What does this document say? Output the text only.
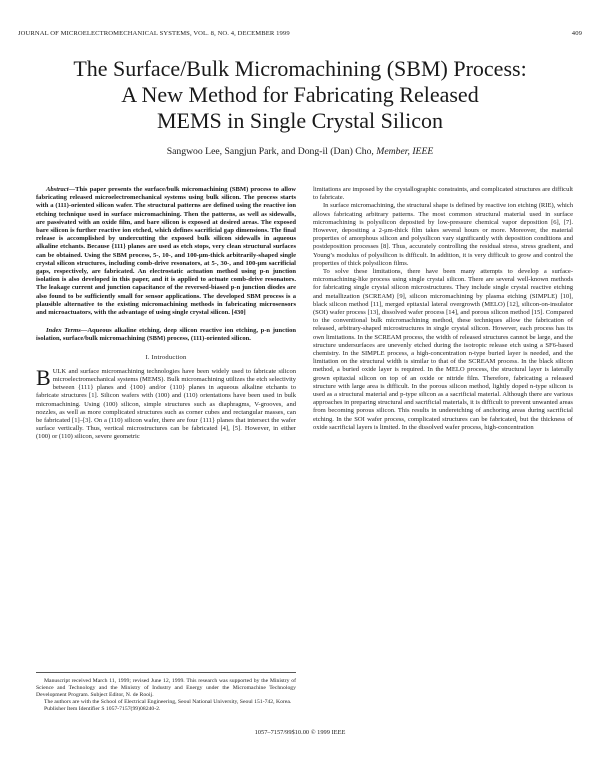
JOURNAL OF MICROELECTROMECHANICAL SYSTEMS, VOL. 8, NO. 4, DECEMBER 1999	409
The Surface/Bulk Micromachining (SBM) Process:
A New Method for Fabricating Released
MEMS in Single Crystal Silicon
Sangwoo Lee, Sangjun Park, and Dong-il (Dan) Cho, Member, IEEE

Abstract—This paper presents the surface/bulk micromachining (SBM) process to allow fabricating released microelectromechanical systems using bulk silicon. The process starts with a (111)-oriented silicon wafer. The structural patterns are defined using the reactive ion etching technique used in surface micromachining. Then the patterns, as well as sidewalls, are passivated with an oxide film, and bare silicon is exposed at desired areas. The exposed bare silicon is further reactive ion etched, which defines sacrificial gap dimensions. The final release is accomplished by undercutting the exposed bulk silicon sidewalls in aqueous alkaline etchants. Because {111} planes are used as etch stops, very clean structural surfaces can be obtained. Using the SBM process, 5-, 10-, and 100-μm-thick arbitrarily-shaped single crystal silicon structures, including comb-drive resonators, at 5-, 30-, and 100-μm sacrificial gaps, respectively, are fabricated. An electrostatic actuation method using p-n junction isolation is also developed in this paper, and it is applied to actuate comb-drive resonators. The leakage current and junction capacitance of the reversed-biased p-n junction diodes are also found to be sufficiently small for sensor applications. The developed SBM process is a plausible alternative to the existing micromachining methods in fabricating microsensors and microactuators, with the advantage of using single crystal silicon. [430]

Index Terms—Aqueous alkaline etching, deep silicon reactive ion etching, p-n junction isolation, surface/bulk micromachining (SBM) process, (111)-oriented silicon.

I. Introduction

BULK and surface micromachining technologies have been widely used to fabricate silicon microelectromechanical systems (MEMS). Bulk micromachining utilizes the etch selectivity between {111} planes and {100} and/or {110} planes in aqueous alkaline etchants to fabricate structures [1]. Silicon wafers with (100) and (110) orientations have been used in bulk micromachining. Using (100) silicon, simple structures such as diaphragms, V-grooves, and nozzles, as well as more complicated structures such as corner cubes and rectangular masses, can be fabricated [1]–[3]. On a (110) silicon wafer, there are four {111} planes that intersect the wafer surface vertically. Thus, vertical microstructures can be fabricated [4], [5]. However, in either (100) or (110) silicon, severe geometric

limitations are imposed by the crystallographic constraints, and complicated structures are difficult to fabricate.

In surface micromachining, the structural shape is defined by reactive ion etching (RIE), which allows fabricating arbitrary patterns. The most common structural material used in surface micromachining is polysilicon deposited by low-pressure chemical vapor deposition [6], [7]. However, depositing a 2-μm-thick film takes several hours or more. Moreover, the material properties of amorphous silicon and polysilicon vary significantly with deposition conditions and postdeposition processes [8]. Thus, accurately controlling the residual stress, stress gradient, and Young’s modulus of polysilicon is difficult. In addition, it is very difficult to grow and control the properties of thick polysilicon films.

To solve these limitations, there have been many attempts to develop a surface-micromachining-like process using single crystal silicon. There are several well-known methods for fabricating single crystal silicon microstructures. They include single crystal reactive etching and metallization (SCREAM) [9], silicon micromachining by plasma etching (SIMPLE) [10], black silicon method [11], merged epitaxial lateral overgrowth (MELO) [12], silicon-on-insulator (SOI) wafer process [13], dissolved wafer process [14], and porous silicon method [15]. Compared to the conventional bulk micromachining method, these techniques allow the fabrication of released, arbitrary-shaped microstructures in single crystal silicon. However, each process has its own limitations. In the SCREAM process, the width of released structures cannot be large, and the structure undersurfaces are unevenly etched during the isotropic release etch using a SF6-based chemistry. In the SIMPLE process, a high-concentration n-type buried layer is needed, and the limitation on the structural width is similar to that of the SCREAM process. In the black silicon method, a buried oxide layer is required. In the MELO process, the structural layer is laterally grown epitaxial silicon on top of an oxide or nitride film. Therefore, fabricating a released structure with large area is difficult. In the porous silicon method, lightly doped n-type silicon is used as a structural material and p-type silicon as a sacrificial material. Although there are various approaches in preparing structural and sacrificial materials, it is difficult to prevent unwanted areas from becoming porous silicon. This results in underetching of anchoring areas during sacrificial etching. In the SOI wafer process, complicated structures can be fabricated, but the thickness of oxide sacrificial layers is limited. In the dissolved wafer process, high-concentration

Manuscript received March 11, 1999; revised June 12, 1999. This research was supported by the Ministry of Science and Technology and the Ministry of Industry and Energy under the Micromachine Technology Development Program. Subject Editor, N. de Rooij.

The authors are with the School of Electrical Engineering, Seoul National University, Seoul 151-742, Korea.

Publisher Item Identifier S 1057-7157(99)08240-2.

1057–7157/99$10.00 © 1999 IEEE
